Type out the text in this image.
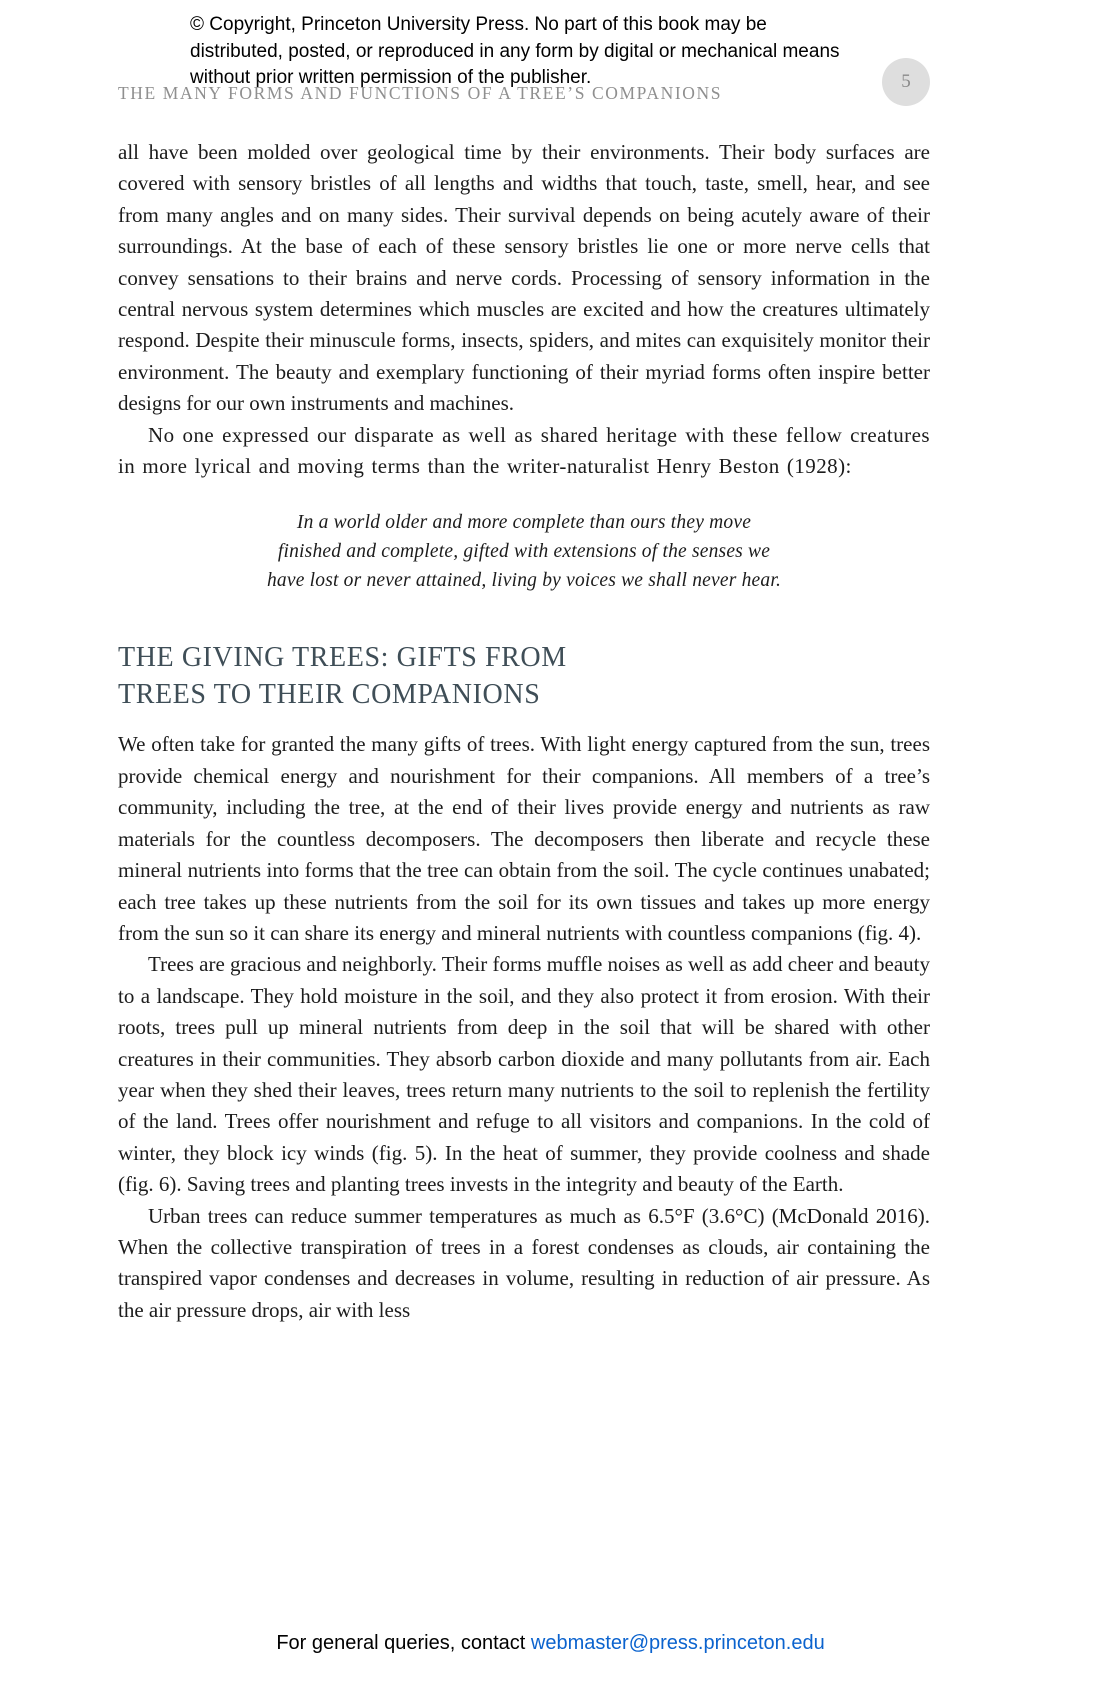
© Copyright, Princeton University Press. No part of this book may be distributed, posted, or reproduced in any form by digital or mechanical means without prior written permission of the publisher.
THE MANY FORMS AND FUNCTIONS OF A TREE’S COMPANIONS
5

all have been molded over geological time by their environments. Their body surfaces are covered with sensory bristles of all lengths and widths that touch, taste, smell, hear, and see from many angles and on many sides. Their survival depends on being acutely aware of their surroundings. At the base of each of these sensory bristles lie one or more nerve cells that convey sensations to their brains and nerve cords. Processing of sensory information in the central nervous system determines which muscles are excited and how the creatures ultimately respond. Despite their minuscule forms, insects, spiders, and mites can exquisitely monitor their environment. The beauty and exemplary functioning of their myriad forms often inspire better designs for our own instruments and machines.

No one expressed our disparate as well as shared heritage with these fellow creatures in more lyrical and moving terms than the writer-naturalist Henry Beston (1928):

In a world older and more complete than ours they move
finished and complete, gifted with extensions of the senses we
have lost or never attained, living by voices we shall never hear.
THE GIVING TREES: GIFTS FROM
TREES TO THEIR COMPANIONS

We often take for granted the many gifts of trees. With light energy captured from the sun, trees provide chemical energy and nourishment for their companions. All members of a tree’s community, including the tree, at the end of their lives provide energy and nutrients as raw materials for the countless decomposers. The decomposers then liberate and recycle these mineral nutrients into forms that the tree can obtain from the soil. The cycle continues unabated; each tree takes up these nutrients from the soil for its own tissues and takes up more energy from the sun so it can share its energy and mineral nutrients with countless companions (fig. 4).

Trees are gracious and neighborly. Their forms muffle noises as well as add cheer and beauty to a landscape. They hold moisture in the soil, and they also protect it from erosion. With their roots, trees pull up mineral nutrients from deep in the soil that will be shared with other creatures in their communities. They absorb carbon dioxide and many pollutants from air. Each year when they shed their leaves, trees return many nutrients to the soil to replenish the fertility of the land. Trees offer nourishment and refuge to all visitors and companions. In the cold of winter, they block icy winds (fig. 5). In the heat of summer, they provide coolness and shade (fig. 6). Saving trees and planting trees invests in the integrity and beauty of the Earth.

Urban trees can reduce summer temperatures as much as 6.5°F (3.6°C) (McDonald 2016). When the collective transpiration of trees in a forest condenses as clouds, air containing the transpired vapor condenses and decreases in volume, resulting in reduction of air pressure. As the air pressure drops, air with less

For general queries, contact webmaster@press.princeton.edu
